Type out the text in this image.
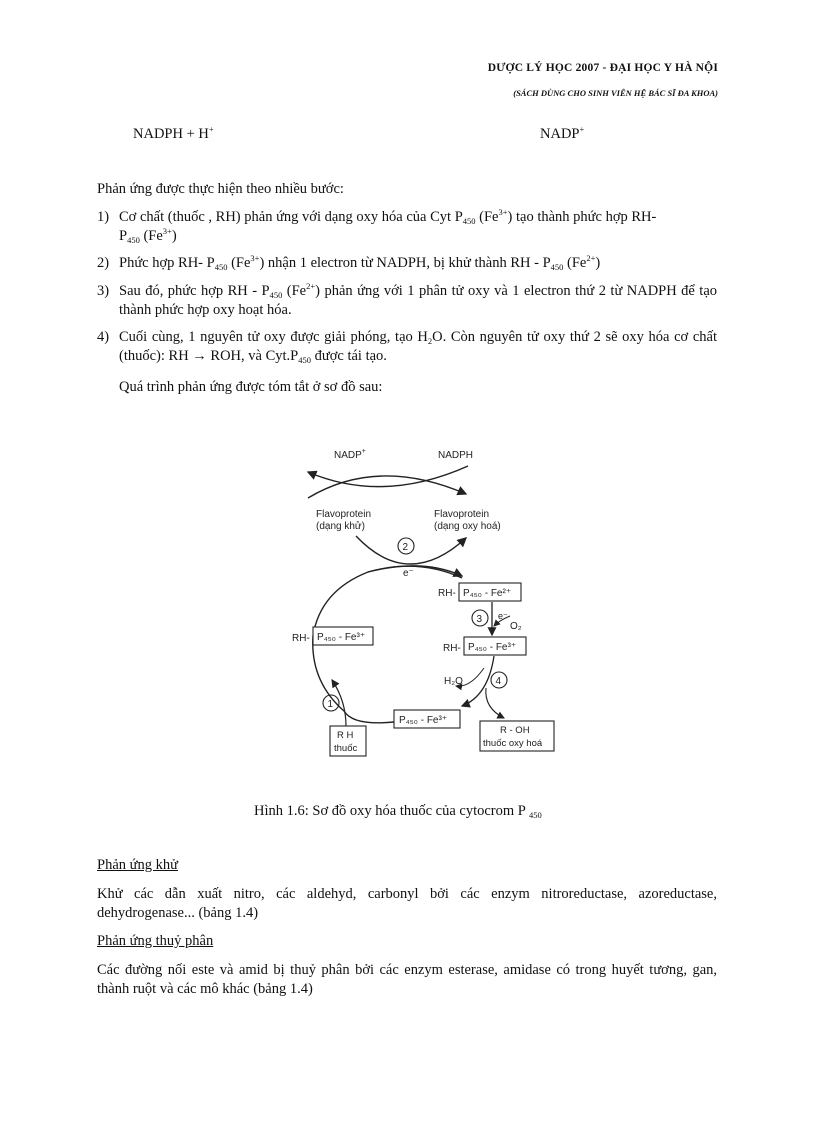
DƯỢC LÝ HỌC 2007 - ĐẠI HỌC Y HÀ NỘI
(SÁCH DÙNG CHO SINH VIÊN HỆ BÁC SĨ ĐA KHOA)
NADPH + H+	NADP+
Phản ứng được thực hiện theo nhiều bước:
1) Cơ chất (thuốc , RH) phản ứng với dạng oxy hóa của Cyt $P_{450}$ $(Fe^{3+})$ tạo thành phức hợp RH-
$P_{450}$ $(Fe^{3+})$
2) Phức hợp RH- $P_{450}$ $(Fe^{3+})$ nhận 1 electron từ NADPH, bị khử thành RH - $P_{450}$ $(Fe^{2+})$
3) Sau đó, phức hợp RH - $P_{450}$ $(Fe^{2+})$ phản ứng với 1 phân tử oxy và 1 electron thứ 2 từ NADPH để tạo thành phức hợp oxy hoạt hóa.
4) Cuối cùng, 1 nguyên tử oxy được giải phóng, tạo $H_2O$. Còn nguyên tử oxy thứ 2 sẽ oxy hóa cơ chất (thuốc): RH → ROH, và $Cyt.P_{450}$ được tái tạo.
Quá trình phản ứng được tóm tắt ở sơ đồ sau:
NADP+	NADPH
Flavoprotein
(dạng khử)
Flavoprotein
(dạng oxy hoá)
2
e⁻
RH- P₄₅₀ - Fe²⁺
3 e⁻
O₂
RH- P₄₅₀ - Fe³⁺
RH- P₄₅₀ - Fe³⁺
H₂O	4
P₄₅₀ - Fe³⁺
1
R H
thuốc
R - OH
thuốc oxy hoá
Hình 1.6: Sơ đồ oxy hóa thuốc của cytocrom P $_{450}$
Phản ứng khử
Khử các dẫn xuất nitro, các aldehyd, carbonyl bởi các enzym nitroreductase, azoreductase, dehydrogenase... (bảng 1.4)
Phản ứng thuỷ phân
Các đường nối este và amid bị thuỷ phân bởi các enzym esterase, amidase có trong huyết tương, gan, thành ruột và các mô khác (bảng 1.4)
